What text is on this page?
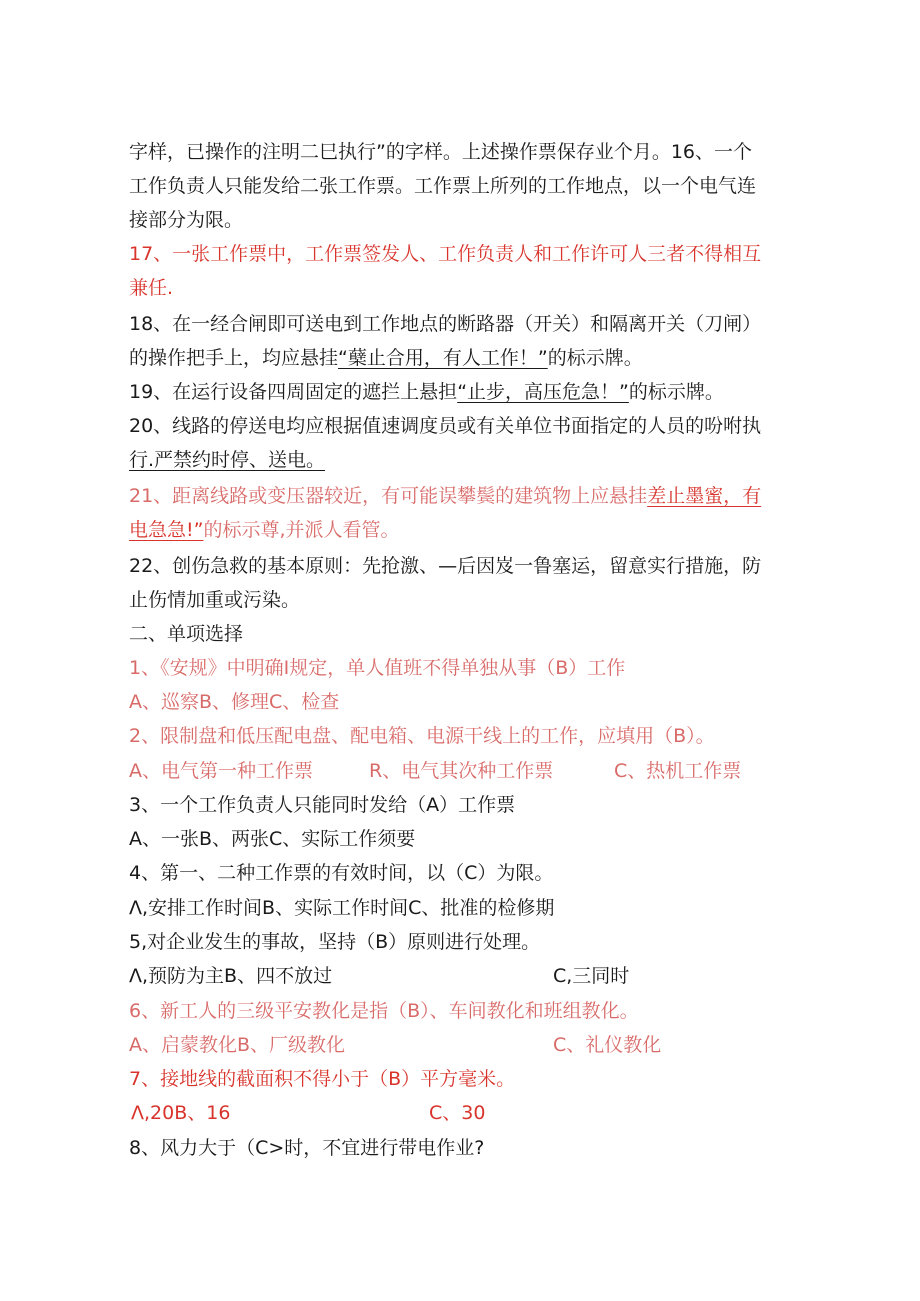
字样，已操作的注明二巳执行”的字样。上述操作票保存业个月。16、一个
工作负责人只能发给二张工作票。工作票上所列的工作地点，以一个电气连
接部分为限。
17、一张工作票中，工作票签发人、工作负责人和工作许可人三者不得相互
兼任.
18、在一经合闸即可送电到工作地点的断路器（开关）和隔离开关（刀闸）
的操作把手上，均应悬挂“蘖止合用，有人工作！”的标示牌。
19、在运行设备四周固定的遮拦上悬担“止步，高压危急！”的标示牌。
20、线路的停送电均应根据值速调度员或有关单位书面指定的人员的吩咐执
行.严禁约时停、送电。
21、距离线路或变压器较近，有可能误攀鬓的建筑物上应悬挂差止墨蜜，有
电急急!”的标示尊,并派人看管。
22、创伤急救的基本原则：先抢激、—后因岌一鲁塞运，留意实行措施，防
止伤情加重或污染。
二、单项选择
1、《安规》中明确I规定，单人值班不得单独从事（B）工作
A、巡察B、修理C、检查
2、限制盘和低压配电盘、配电箱、电源干线上的工作，应填用（B）。
A、电气第一种工作票	R、电气其次种工作票	C、热机工作票
3、一个工作负责人只能同时发给（A）工作票
A、一张B、两张C、实际工作须要
4、第一、二种工作票的有效时间，以（C）为限。
Λ,安排工作时间B、实际工作时间C、批准的检修期
5,对企业发生的事故，坚持（B）原则进行处理。
Λ,预防为主B、四不放过	C,三同时
6、新工人的三级平安教化是指（B）、车间教化和班组教化。
A、启蒙教化B、厂级教化	C、礼仪教化
7、接地线的截面积不得小于（B）平方毫米。
Λ,20B、16	C、30
8、风力大于（C>时，不宜进行带电作业?
